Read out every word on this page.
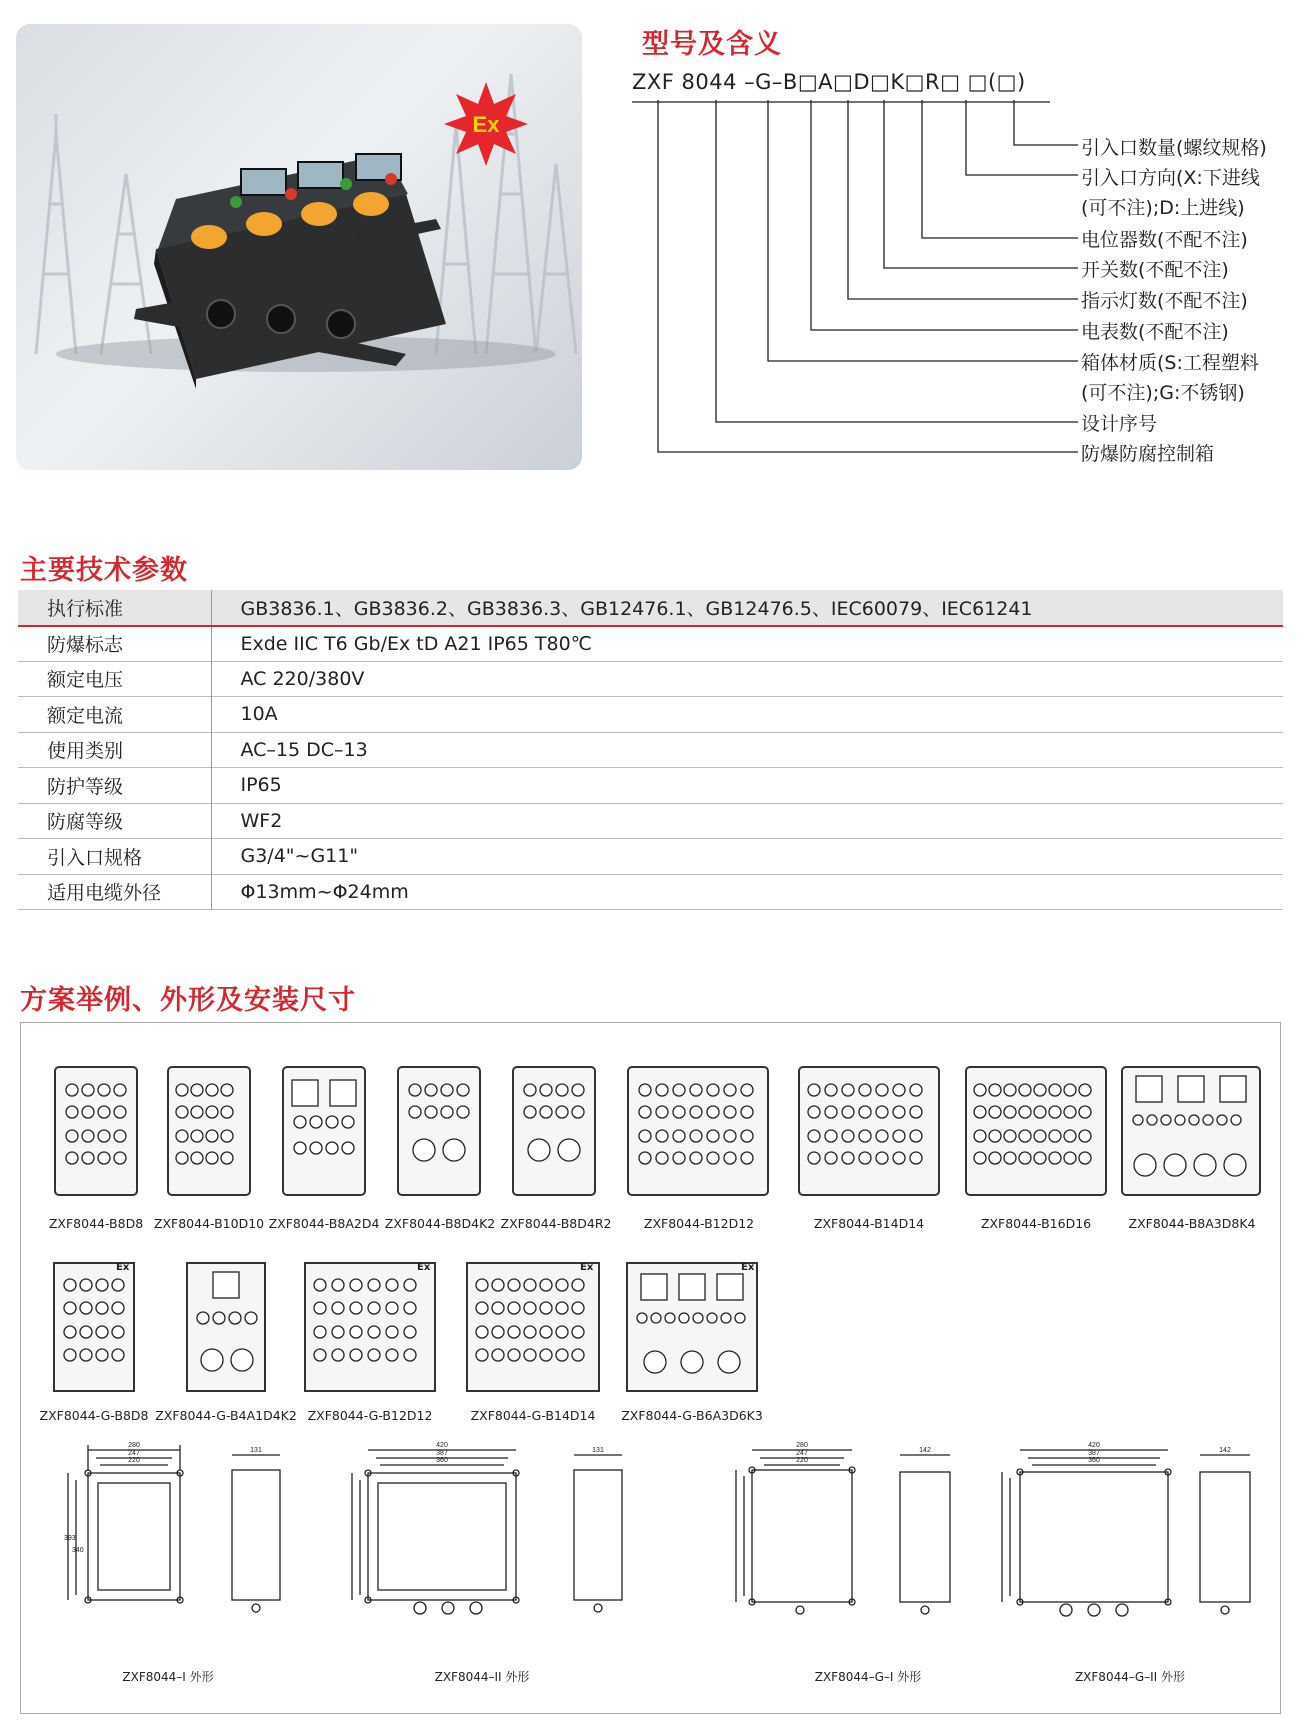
Ex
型号及含义
ZXF 8044 –G–B□A□D□K□R□ □(□)
引入口数量(螺纹规格)
引入口方向(X:下进线
(可不注);D:上进线)
电位器数(不配不注)
开关数(不配不注)
指示灯数(不配不注)
电表数(不配不注)
箱体材质(S:工程塑料
(可不注);G:不锈钢)
设计序号
防爆防腐控制箱
主要技术参数
执行标准	GB3836.1、GB3836.2、GB3836.3、GB12476.1、GB12476.5、IEC60079、IEC61241
防爆标志	Exde IIC T6 Gb/Ex tD A21 IP65 T80℃
额定电压	AC 220/380V
额定电流	10A
使用类别	AC–15 DC–13
防护等级	IP65
防腐等级	WF2
引入口规格	G3/4"~G11"
适用电缆外径	Φ13mm~Φ24mm
方案举例、外形及安装尺寸
ZXF8044-B8D8 ZXF8044-B10D10 ZXF8044-B8A2D4 ZXF8044-B8D4K2 ZXF8044-B8D4R2	ZXF8044-B12D12	ZXF8044-B14D14	ZXF8044-B16D16	ZXF8044-B8A3D8K4
Ex	Ex	Ex	Ex
ZXF8044-G-B8D8 ZXF8044-G-B4A1D4K2 ZXF8044-G-B12D12	ZXF8044-G-B14D14 ZXF8044-G-B6A3D6K3
280
247
220
131
420
387
360
131
280
247
220
142
420
387
360
142
393
340
ZXF8044–I 外形	ZXF8044–II 外形	ZXF8044–G–I 外形	ZXF8044–G–II 外形
